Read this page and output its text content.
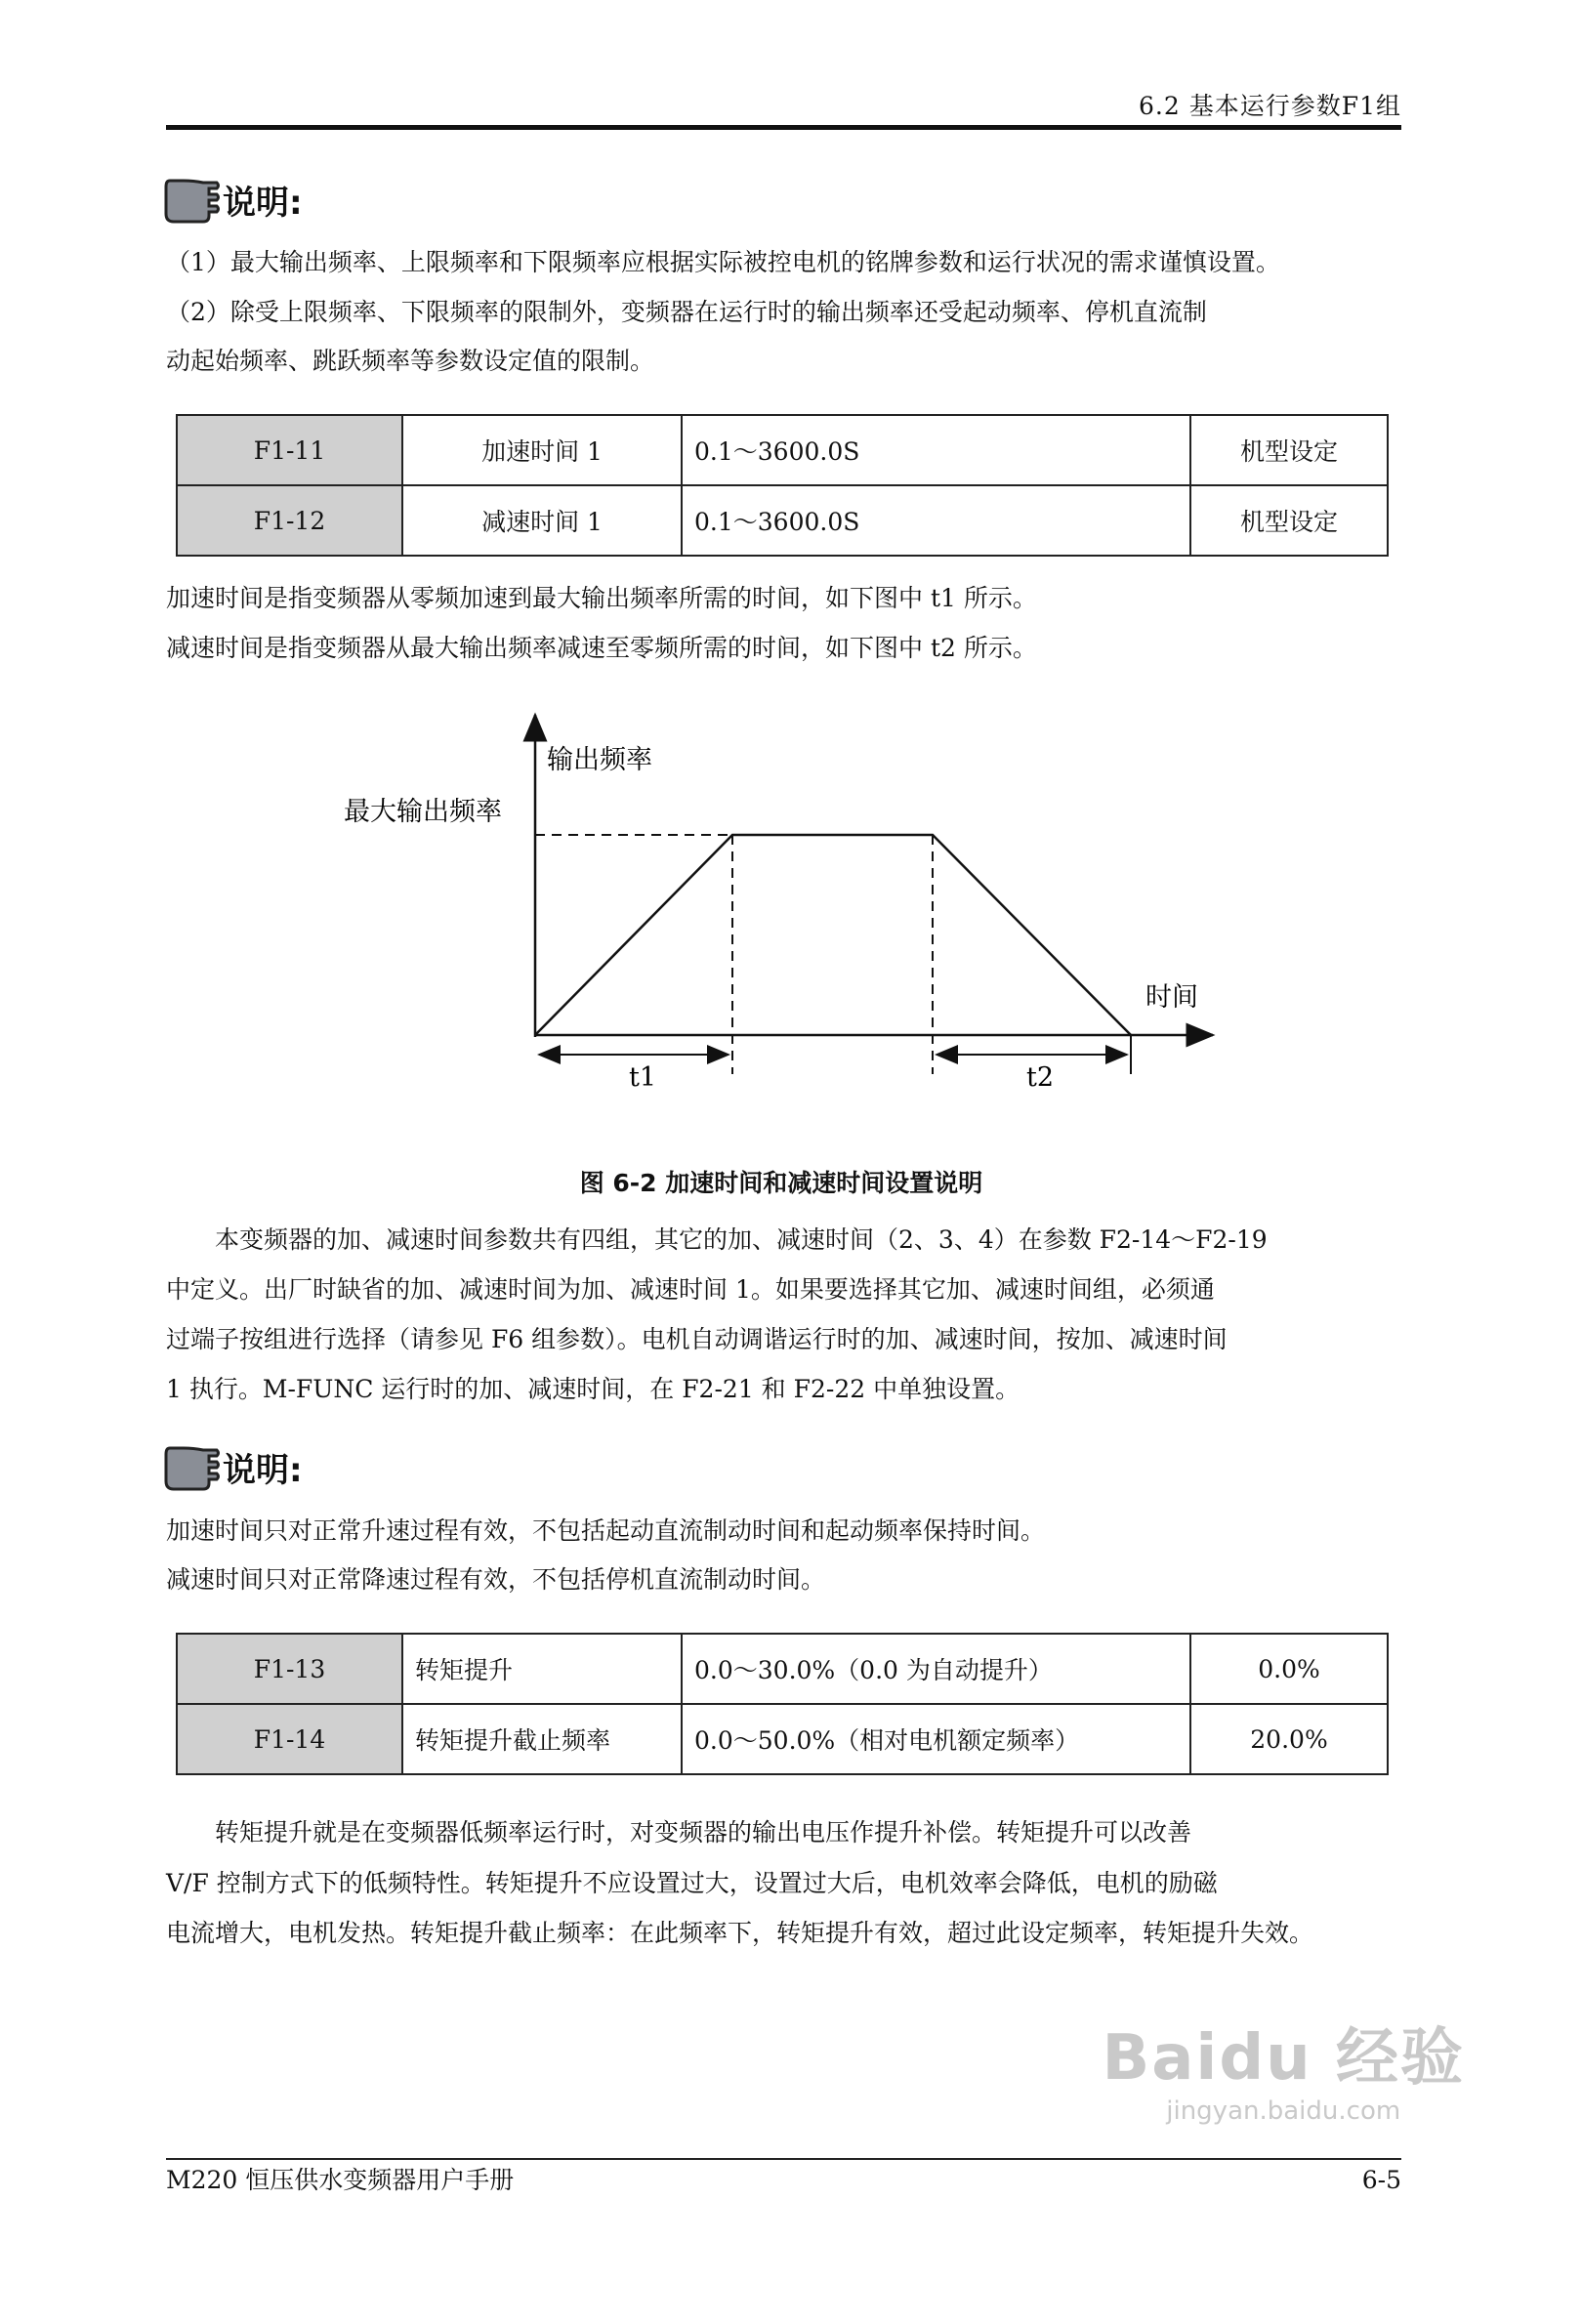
6.2 基本运行参数F1组
说明:
（1）最大输出频率、上限频率和下限频率应根据实际被控电机的铭牌参数和运行状况的需求谨慎设置。
（2）除受上限频率、下限频率的限制外，变频器在运行时的输出频率还受起动频率、停机直流制
动起始频率、跳跃频率等参数设定值的限制。
F1-11	加速时间 1	0.1～3600.0S	机型设定
F1-12	减速时间 1	0.1～3600.0S	机型设定
加速时间是指变频器从零频加速到最大输出频率所需的时间，如下图中 t1 所示。
减速时间是指变频器从最大输出频率减速至零频所需的时间，如下图中 t2 所示。
输出频率
最大输出频率
时间
t1	t2
图 6-2 加速时间和减速时间设置说明
本变频器的加、减速时间参数共有四组，其它的加、减速时间（2、3、4）在参数 F2-14～F2-19
中定义。出厂时缺省的加、减速时间为加、减速时间 1。如果要选择其它加、减速时间组，必须通
过端子按组进行选择（请参见 F6 组参数）。电机自动调谐运行时的加、减速时间，按加、减速时间
1 执行。M-FUNC 运行时的加、减速时间，在 F2-21 和 F2-22 中单独设置。
说明:
加速时间只对正常升速过程有效，不包括起动直流制动时间和起动频率保持时间。
减速时间只对正常降速过程有效，不包括停机直流制动时间。
F1-13	转矩提升	0.0～30.0%（0.0 为自动提升）	0.0%
F1-14	转矩提升截止频率	0.0～50.0%（相对电机额定频率）	20.0%
转矩提升就是在变频器低频率运行时，对变频器的输出电压作提升补偿。转矩提升可以改善
V/F 控制方式下的低频特性。转矩提升不应设置过大，设置过大后，电机效率会降低，电机的励磁
电流增大，电机发热。转矩提升截止频率：在此频率下，转矩提升有效，超过此设定频率，转矩提升失效。
Baidu 经验
jingyan.baidu.com
M220 恒压供水变频器用户手册	6-5
